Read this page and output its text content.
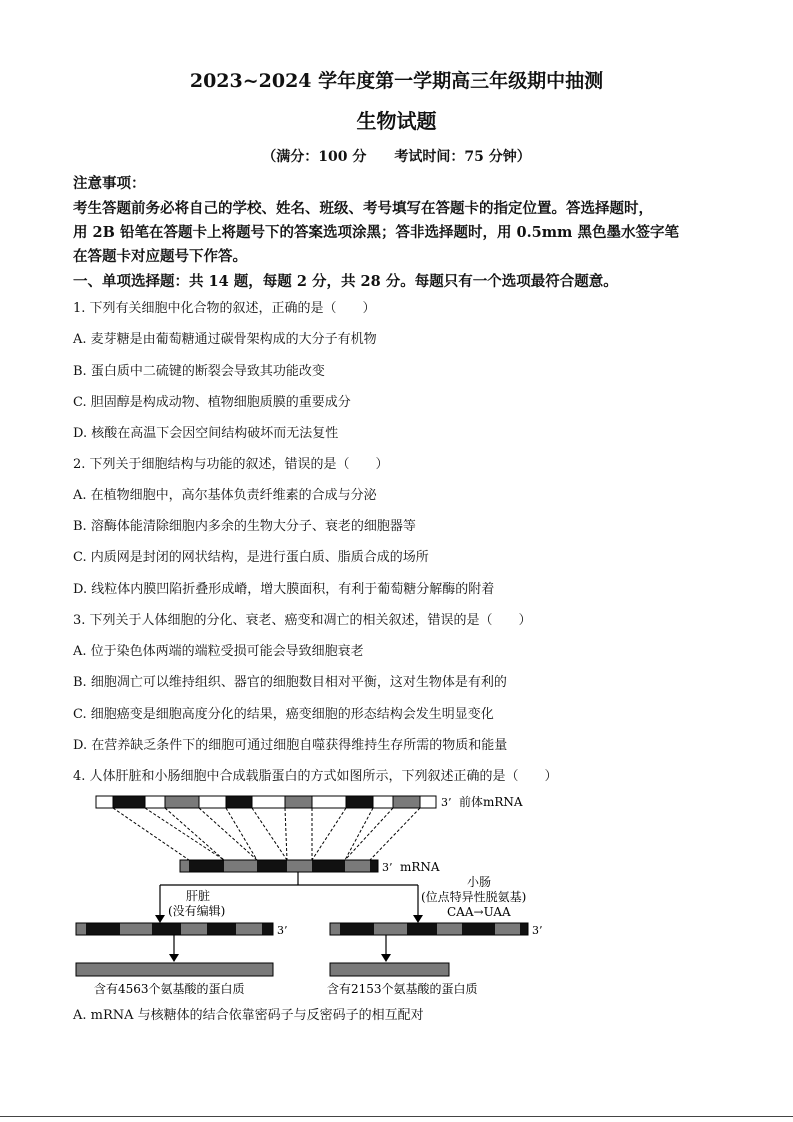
2023~2024 学年度第一学期高三年级期中抽测
生物试题
（满分：100 分　　考试时间：75 分钟）
注意事项：
考生答题前务必将自己的学校、姓名、班级、考号填写在答题卡的指定位置。答选择题时，
用 2B 铅笔在答题卡上将题号下的答案选项涂黑；答非选择题时，用 0.5mm 黑色墨水签字笔
在答题卡对应题号下作答。
一、单项选择题：共 14 题，每题 2 分，共 28 分。每题只有一个选项最符合题意。
1. 下列有关细胞中化合物的叙述，正确的是（　　）
A. 麦芽糖是由葡萄糖通过碳骨架构成的大分子有机物
B. 蛋白质中二硫键的断裂会导致其功能改变
C. 胆固醇是构成动物、植物细胞质膜的重要成分
D. 核酸在高温下会因空间结构破坏而无法复性
2. 下列关于细胞结构与功能的叙述，错误的是（　　）
A. 在植物细胞中，高尔基体负责纤维素的合成与分泌
B. 溶酶体能清除细胞内多余的生物大分子、衰老的细胞器等
C. 内质网是封闭的网状结构，是进行蛋白质、脂质合成的场所
D. 线粒体内膜凹陷折叠形成嵴，增大膜面积，有利于葡萄糖分解酶的附着
3. 下列关于人体细胞的分化、衰老、癌变和凋亡的相关叙述，错误的是（　　）
A. 位于染色体两端的端粒受损可能会导致细胞衰老
B. 细胞凋亡可以维持组织、器官的细胞数目相对平衡，这对生物体是有利的
C. 细胞癌变是细胞高度分化的结果，癌变细胞的形态结构会发生明显变化
D. 在营养缺乏条件下的细胞可通过细胞自噬获得维持生存所需的物质和能量
4. 人体肝脏和小肠细胞中合成载脂蛋白的方式如图所示，下列叙述正确的是（　　）
3’ 前体mRNA
3’ mRNA
肝脏
(没有编辑)
小肠
(位点特异性脱氨基)
CAA→UAA
3’	3’
含有4563个氨基酸的蛋白质	含有2153个氨基酸的蛋白质
A. mRNA 与核糖体的结合依靠密码子与反密码子的相互配对
